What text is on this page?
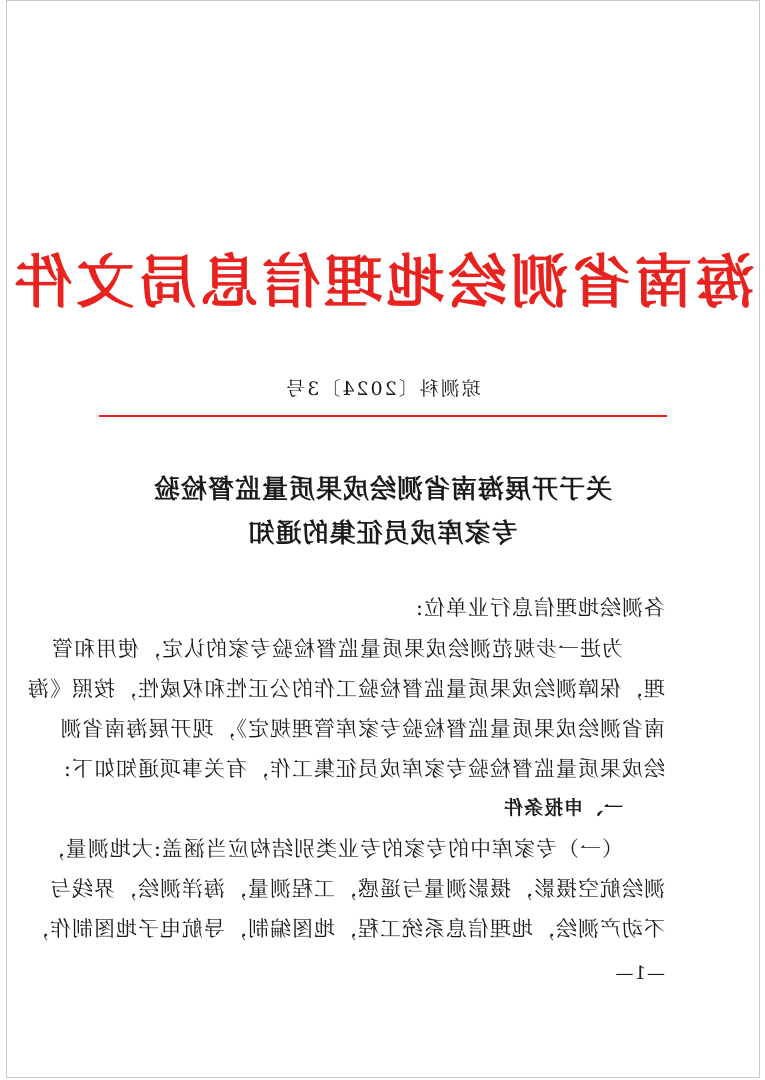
海南省测绘地理信息局文件
琼测科〔2024〕3号
关于开展海南省测绘成果质量监督检验
专家库成员征集的通知
各测绘地理信息行业单位:
为进一步规范测绘成果质量监督检验专家的认定，使用和管
理，保障测绘成果质量监督检验工作的公正性和权威性，按照《海
南省测绘成果质量监督检验专家库管理规定》，现开展海南省测
绘成果质量监督检验专家库成员征集工作，有关事项通知如下:
一、申报条件
（一）专家库中的专家的专业类别结构应当涵盖:大地测量，
测绘航空摄影，摄影测量与遥感，工程测量，海洋测绘，界线与
不动产测绘，地理信息系统工程，地图编制，导航电子地图制作，
—1—
